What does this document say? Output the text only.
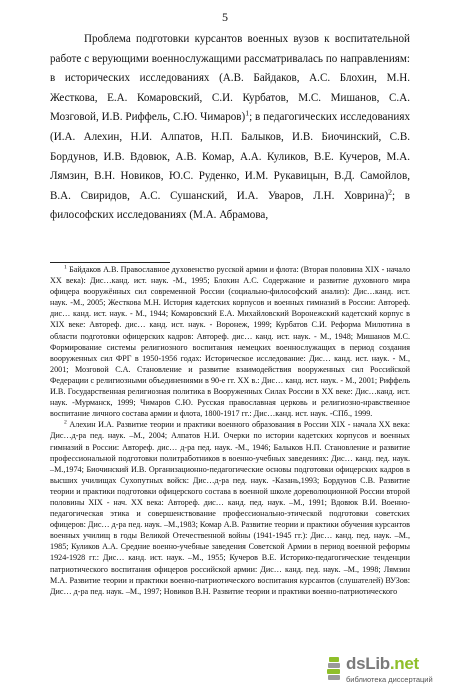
5

Проблема подготовки курсантов военных вузов к воспитательной работе с верующими военнослужащими рассматривалась по направлениям: в исторических исследованиях (А.В. Байдаков, А.С. Блохин, М.Н. Жесткова, Е.А. Комаровский, С.И. Курбатов, М.С. Мишанов, С.А. Мозговой, И.В. Риффель, С.Ю. Чимаров)$^1$; в педагогических исследованиях (И.А. Алехин, Н.И. Алпатов, Н.П. Балыков, И.В. Биочинский, С.В. Бордунов, И.В. Вдовюк, А.В. Комар, А.А. Куликов, В.Е. Кучеров, М.А. Лямзин, В.Н. Новиков, Ю.С. Руденко, И.М. Рукавицын, В.Д. Самойлов, В.А. Свиридов, А.С. Сушанский, И.А. Уваров, Л.Н. Ховрина)$^2$; в философских исследованиях (М.А. Абрамова,

$^1$ Байдаков А.В. Православное духовенство русской армии и флота: (Вторая половина XIX - начало XX века): Дис…канд. ист. наук. -М., 1995; Блохин А.С. Содержание и развитие духовного мира офицера вооружённых сил современной России (социально-философский анализ): Дис…канд. ист. наук. -М., 2005; Жесткова М.Н. История кадетских корпусов и военных гимназий в России: Автореф. дис… канд. ист. наук. - М., 1944; Комаровский Е.А. Михайловский Воронежский кадетский корпус в XIX веке: Автореф. дис… канд. ист. наук. - Воронеж, 1999; Курбатов С.И. Реформа Милютина в области подготовки офицерских кадров: Автореф. дис… канд. ист. наук. - М., 1948; Мишанов М.С. Формирование системы религиозного воспитания немецких военнослужащих в период создания вооруженных сил ФРГ в 1950-1956 годах: Историческое исследование: Дис… канд. ист. наук. - М., 2001; Мозговой С.А. Становление и развитие взаимодействия вооруженных сил Российской Федерации с религиозными объединениями в 90-е гг. XX в.: Дис… канд. ист. наук. - М., 2001; Риффель И.В. Государственная религиозная политика в Вооруженных Силах России в XX веке: Дис…канд. ист. наук. -Мурманск, 1999; Чимаров С.Ю. Русская православная церковь и религиозно-нравственное воспитание личного состава армии и флота, 1800-1917 гг.: Дис…канд. ист. наук. -СПб., 1999.

$^2$ Алехин И.А. Развитие теории и практики военного образования в России XIX - начала XX века: Дис…д-ра пед. наук. –М., 2004; Алпатов Н.И. Очерки по истории кадетских корпусов и военных гимназий в России: Автореф. дис… д-ра пед. наук. -М., 1946; Балыков Н.П. Становление и развитие профессиональной подготовки политработников в военно-учебных заведениях: Дис… канд. пед. наук. –М.,1974; Биочинский И.В. Организационно-педагогические основы подготовки офицерских кадров в высших училищах Сухопутных войск: Дис…д-ра пед. наук. -Казань,1993; Бордунов С.В. Развитие теории и практики подготовки офицерского состава в военной школе дореволюционной России второй половины XIX - нач. XX века: Автореф. дис… канд. пед. наук. –М., 1991; Вдовюк В.И. Военно-педагогическая этика и совершенствование профессионально-этической подготовки советских офицеров: Дис… д-ра пед. наук. –М.,1983; Комар А.В. Развитие теории и практики обучения курсантов военных училищ в годы Великой Отечественной войны (1941-1945 гг.): Дис… канд. пед. наук. –М., 1985; Куликов А.А. Средние военно-учебные заведения Советской Армии в период военной реформы 1924-1928 гг.: Дис… канд. ист. наук. –М., 1955; Кучеров В.Е. Историко-педагогические тенденции патриотического воспитания офицеров российской армии: Дис… канд. пед. наук. –М., 1998; Лямзин М.А. Развитие теории и практики военно-патриотического воспитания курсантов (слушателей) ВУЗов: Дис… д-ра пед. наук. –М., 1997; Новиков В.Н. Развитие теории и практики военно-патриотического

dsLib.net
библиотека диссертаций
